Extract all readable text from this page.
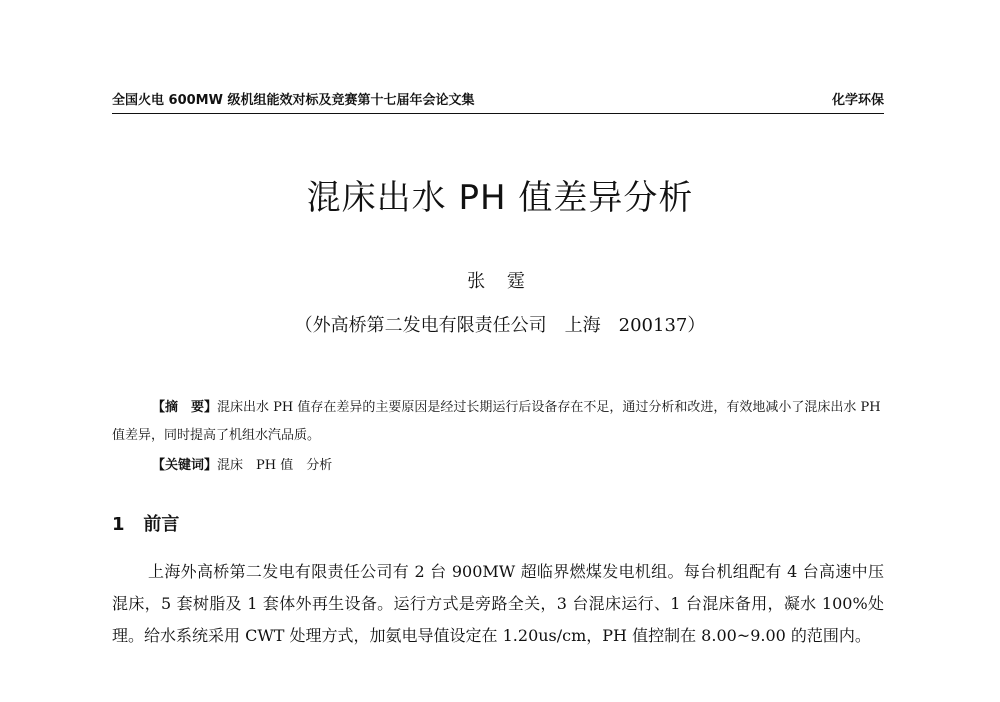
全国火电 600MW 级机组能效对标及竞赛第十七届年会论文集	化学环保
混床出水 PH 值差异分析
张 霆
（外高桥第二发电有限责任公司　上海　200137）
【摘　要】混床出水 PH 值存在差异的主要原因是经过长期运行后设备存在不足，通过分析和改进，有效地减小了混床出水 PH 值差异，同时提高了机组水汽品质。
【关键词】混床　PH 值　分析
1 前言
上海外高桥第二发电有限责任公司有 2 台 900MW 超临界燃煤发电机组。每台机组配有 4 台高速中压混床，5 套树脂及 1 套体外再生设备。运行方式是旁路全关，3 台混床运行、1 台混床备用，凝水 100%处理。给水系统采用 CWT 处理方式，加氨电导值设定在 1.20us/cm，PH 值控制在 8.00~9.00 的范围内。
